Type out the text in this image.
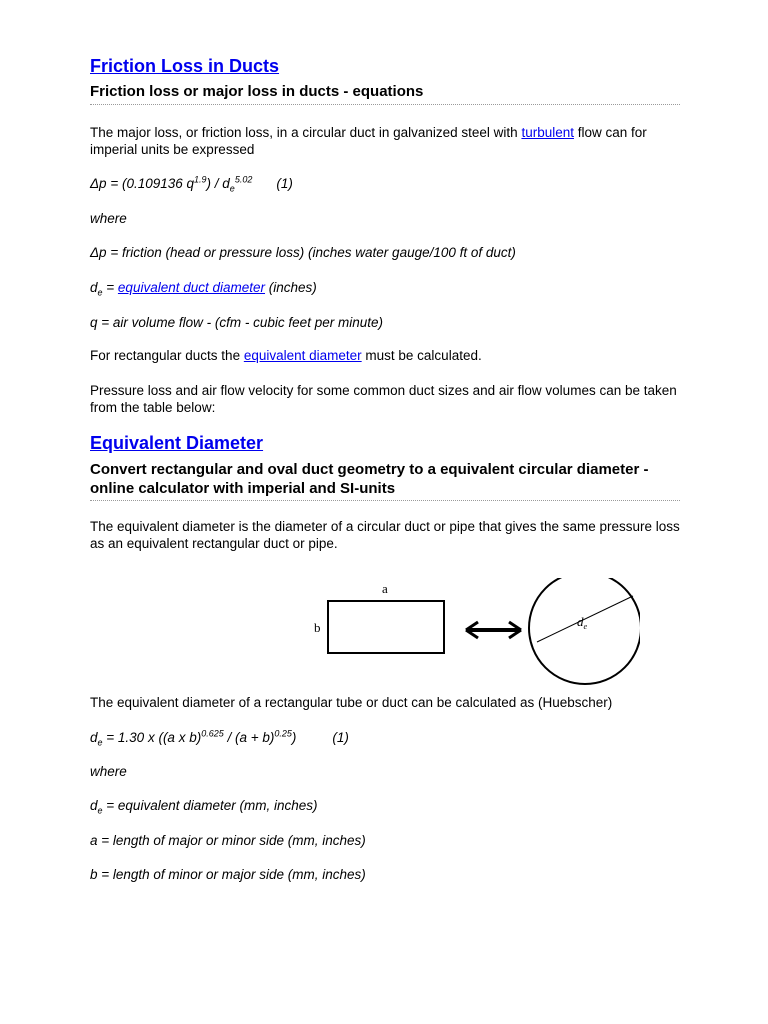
Friction Loss in Ducts
Friction loss or major loss in ducts - equations

The major loss, or friction loss, in a circular duct in galvanized steel with turbulent flow can for imperial units be expressed

Δp = (0.109136 $q^{1.9}) / d_e^{5.02}$ (1)

where

Δp = friction (head or pressure loss) (inches water gauge/100 ft of duct)

$d_e$ = equivalent duct diameter (inches)

q = air volume flow - (cfm - cubic feet per minute)

For rectangular ducts the equivalent diameter must be calculated.

Pressure loss and air flow velocity for some common duct sizes and air flow volumes can be taken from the table below:

Equivalent Diameter
Convert rectangular and oval duct geometry to a equivalent circular diameter - online calculator with imperial and SI-units

The equivalent diameter is the diameter of a circular duct or pipe that gives the same pressure loss as an equivalent rectangular duct or pipe.

a
b	$d_e$

The equivalent diameter of a rectangular tube or duct can be calculated as (Huebscher)

$d_e = 1.30$ x ((a x $b)^{0.625} / (a + b)^{0.25}$)	(1)

where

$d_e$ = equivalent diameter (mm, inches)

a = length of major or minor side (mm, inches)

b = length of minor or major side (mm, inches)
